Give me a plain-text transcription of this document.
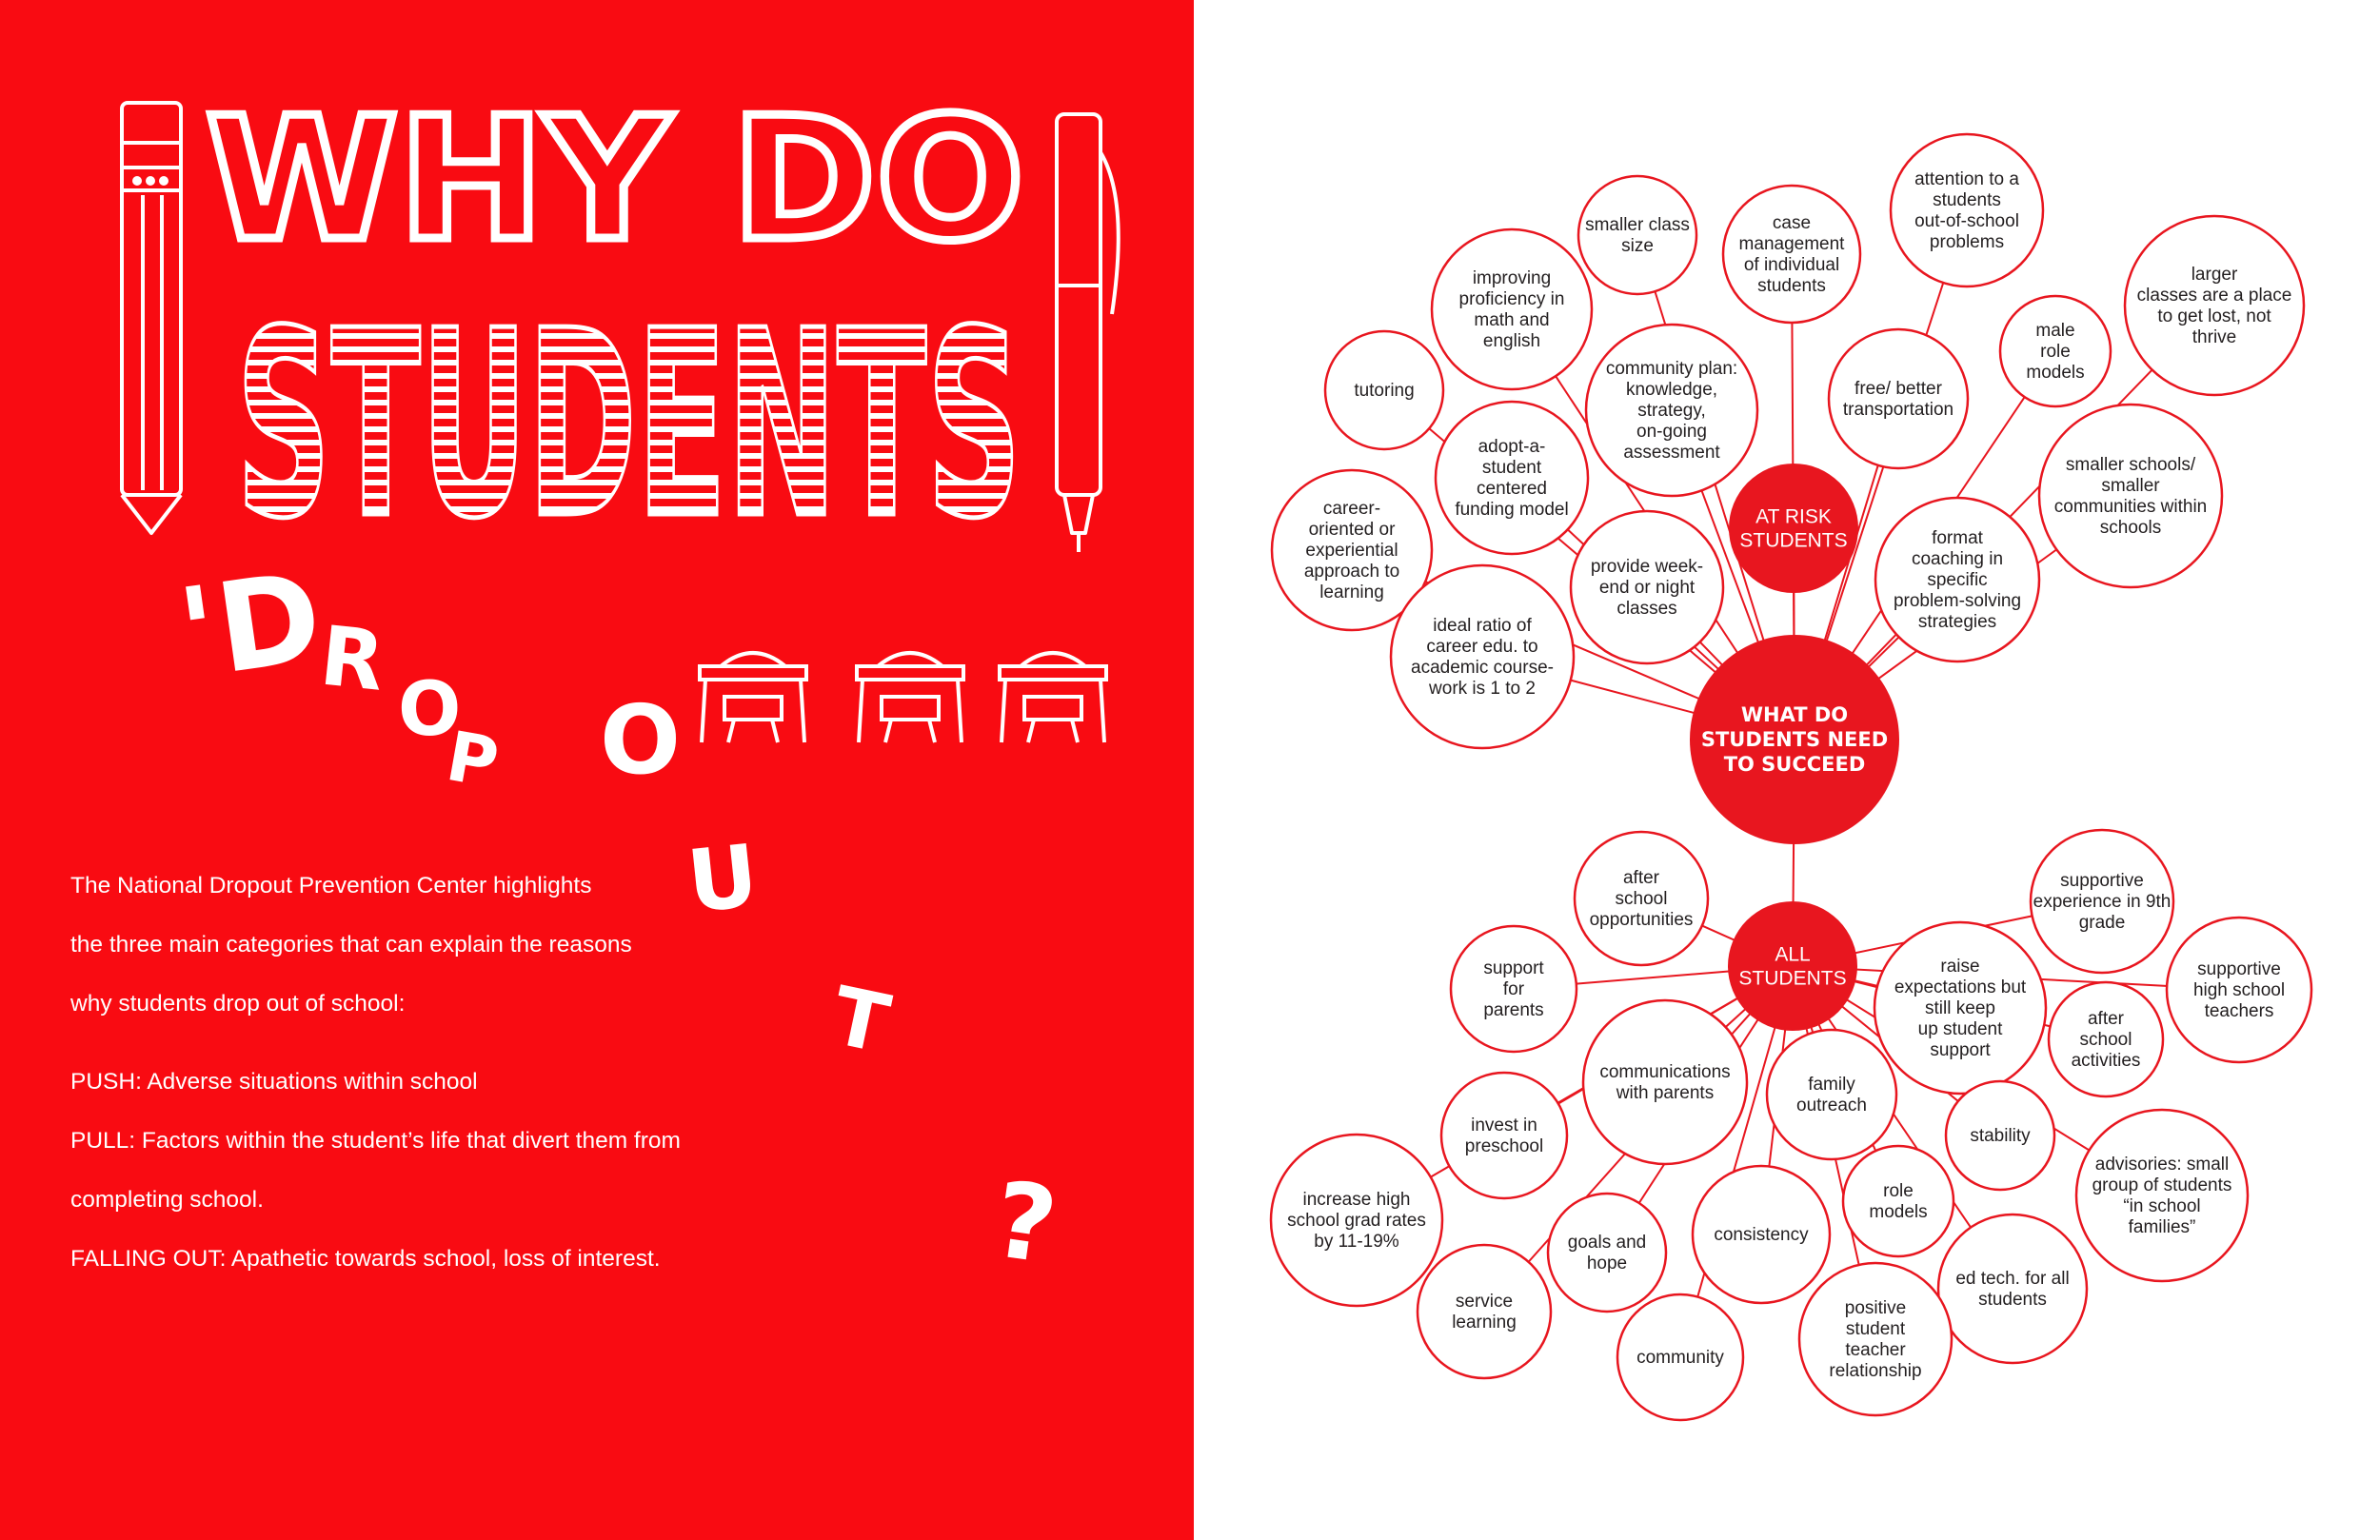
WHY DO
STUDENTS
'D
R
O
P O
U
T
?

The National Dropout Prevention Center highlights

the three main categories that can explain the reasons

why students drop out of school:

PUSH: Adverse situations within school

PULL: Factors within the student’s life that divert them from

completing school.

FALLING OUT: Apathetic towards school, loss of interest.

smaller class
size
case
management
of individual
students
attention to a
students
out-of-school
problems
improving
proficiency in
math and
english
larger
classes are a place
to get lost, not
thrive
male
role
models
tutoring
community plan:
knowledge,
strategy,
on-going
assessment
free/ better
transportation
adopt-a-
student
centered
funding model
smaller schools/
smaller
communities within
schools
career-
oriented or
experiential
approach to
learning
provide week-
end or night
classes
format
coaching in
specific
problem-solving
strategies
ideal ratio of
career edu. to
academic course-
work is 1 to 2
after
school
opportunities
supportive
experience in 9th
grade
support
for
parents
raise
expectations but
still keep
up student
support
supportive
high school
teachers
after
school
activities
communications
with parents	family
outreach
invest in
preschool
stability
advisories: small
group of students
“in school
families”
increase high
school grad rates
by 11-19%	goals and
hope
consistency
role
models
ed tech. for all
students
service
learning
community
positive
student
teacher
relationship
AT RISK
STUDENTS
ALL
STUDENTS
WHAT DO
STUDENTS NEED
TO SUCCEED
